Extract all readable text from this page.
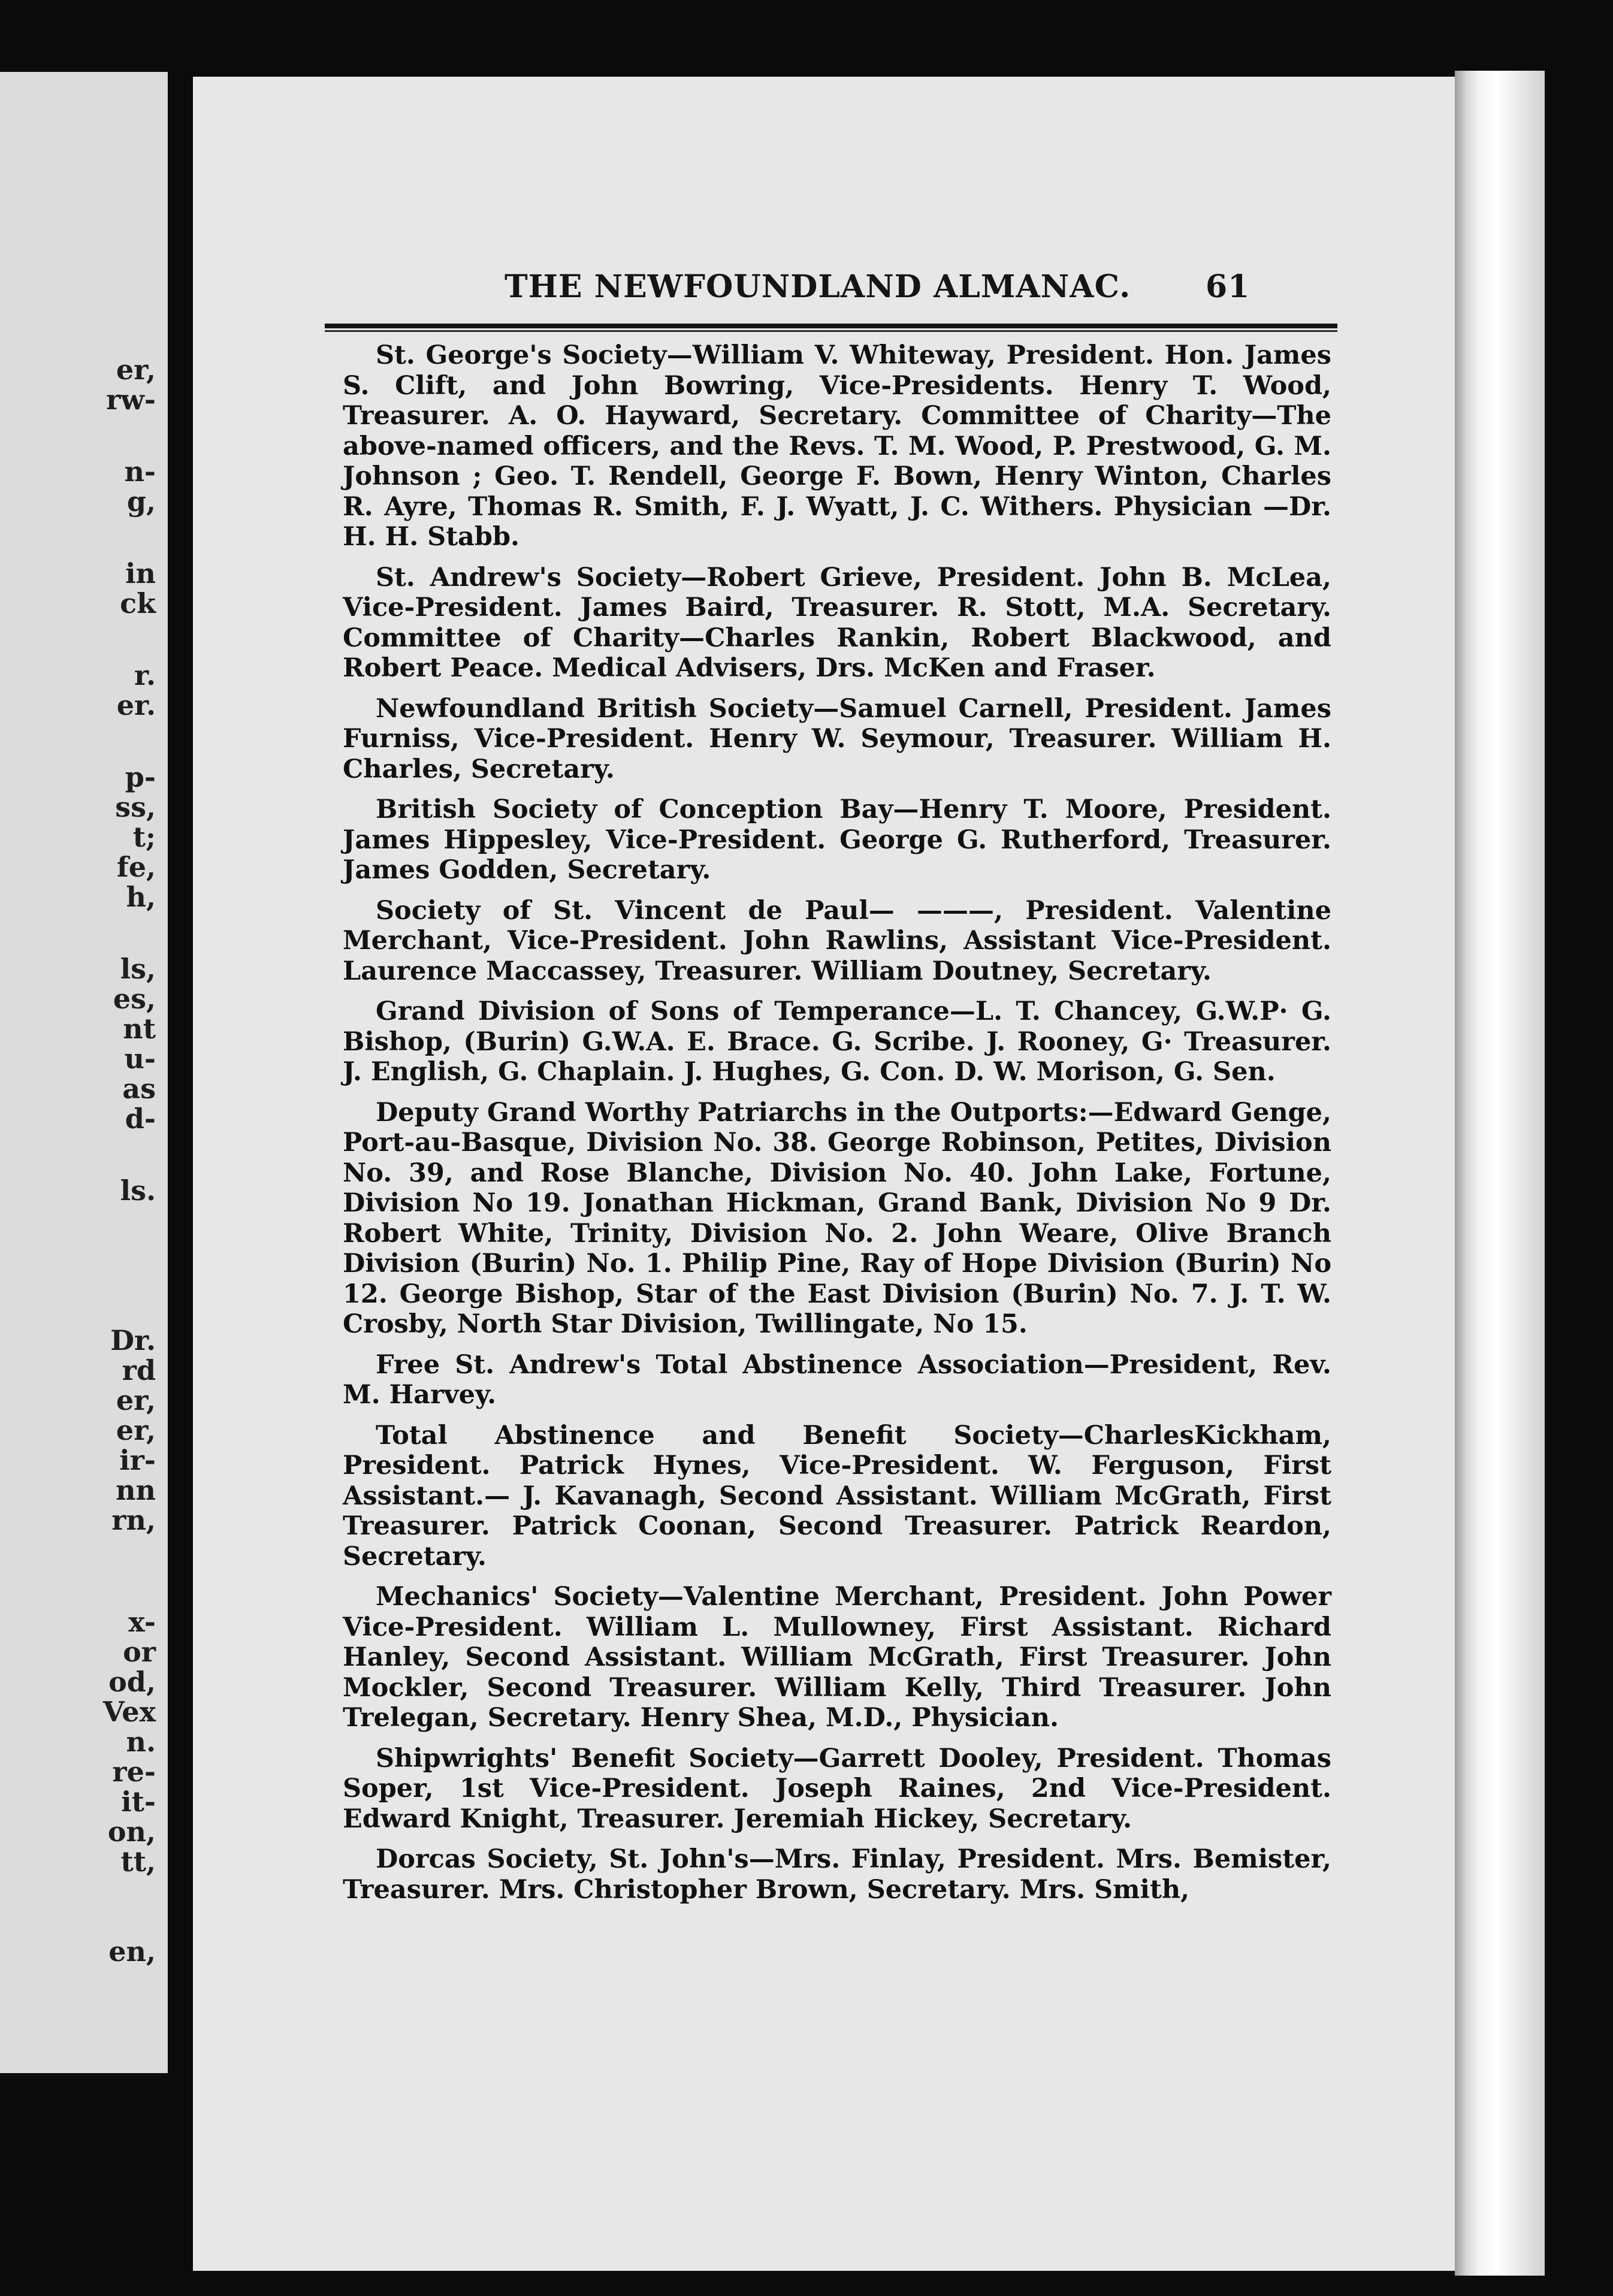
er,
rw-
n-
g,
in
ck
r.
er.
p-
ss,
t;
fe,
h,
ls,
es,
nt
u-
as
d-
ls.
Dr.
rd
er,
er,
ir-
nn
rn,
x-
or
od,
Vex
n.
re-
it-
on,
tt,
en,
THE NEWFOUNDLAND ALMANAC. 61

St. George's Society—William V. Whiteway, President. Hon. James S. Clift, and John Bowring, Vice-Presidents. Henry T. Wood, Treasurer. A. O. Hayward, Secretary. Committee of Charity—The above-named officers, and the Revs. T. M. Wood, P. Prestwood, G. M. Johnson ; Geo. T. Rendell, George F. Bown, Henry Winton, Charles R. Ayre, Thomas R. Smith, F. J. Wyatt, J. C. Withers. Physician —Dr. H. H. Stabb.

St. Andrew's Society—Robert Grieve, President. John B. McLea, Vice-President. James Baird, Treasurer. R. Stott, M.A. Secretary. Committee of Charity—Charles Rankin, Robert Blackwood, and Robert Peace. Medical Advisers, Drs. McKen and Fraser.

Newfoundland British Society—Samuel Carnell, President. James Furniss, Vice-President. Henry W. Seymour, Treasurer. William H. Charles, Secretary.

British Society of Conception Bay—Henry T. Moore, President. James Hippesley, Vice-President. George G. Rutherford, Treasurer. James Godden, Secretary.

Society of St. Vincent de Paul— ———, President. Valentine Merchant, Vice-President. John Rawlins, Assistant Vice-President. Laurence Maccassey, Treasurer. William Doutney, Secretary.

Grand Division of Sons of Temperance—L. T. Chancey, G.W.P· G. Bishop, (Burin) G.W.A. E. Brace. G. Scribe. J. Rooney, G· Treasurer. J. English, G. Chaplain. J. Hughes, G. Con. D. W. Morison, G. Sen.

Deputy Grand Worthy Patriarchs in the Outports:—Edward Genge, Port-au-Basque, Division No. 38. George Robinson, Petites, Division No. 39, and Rose Blanche, Division No. 40. John Lake, Fortune, Division No 19. Jonathan Hickman, Grand Bank, Division No 9 Dr. Robert White, Trinity, Division No. 2. John Weare, Olive Branch Division (Burin) No. 1. Philip Pine, Ray of Hope Division (Burin) No 12. George Bishop, Star of the East Division (Burin) No. 7. J. T. W. Crosby, North Star Division, Twillingate, No 15.

Free St. Andrew's Total Abstinence Association—President, Rev. M. Harvey.

Total Abstinence and Benefit Society—CharlesKickham, President. Patrick Hynes, Vice-President. W. Ferguson, First Assistant.— J. Kavanagh, Second Assistant. William McGrath, First Treasurer. Patrick Coonan, Second Treasurer. Patrick Reardon, Secretary.

Mechanics' Society—Valentine Merchant, President. John Power Vice-President. William L. Mullowney, First Assistant. Richard Hanley, Second Assistant. William McGrath, First Treasurer. John Mockler, Second Treasurer. William Kelly, Third Treasurer. John Trelegan, Secretary. Henry Shea, M.D., Physician.

Shipwrights' Benefit Society—Garrett Dooley, President. Thomas Soper, 1st Vice-President. Joseph Raines, 2nd Vice-President. Edward Knight, Treasurer. Jeremiah Hickey, Secretary.

Dorcas Society, St. John's—Mrs. Finlay, President. Mrs. Bemister, Treasurer. Mrs. Christopher Brown, Secretary. Mrs. Smith,
